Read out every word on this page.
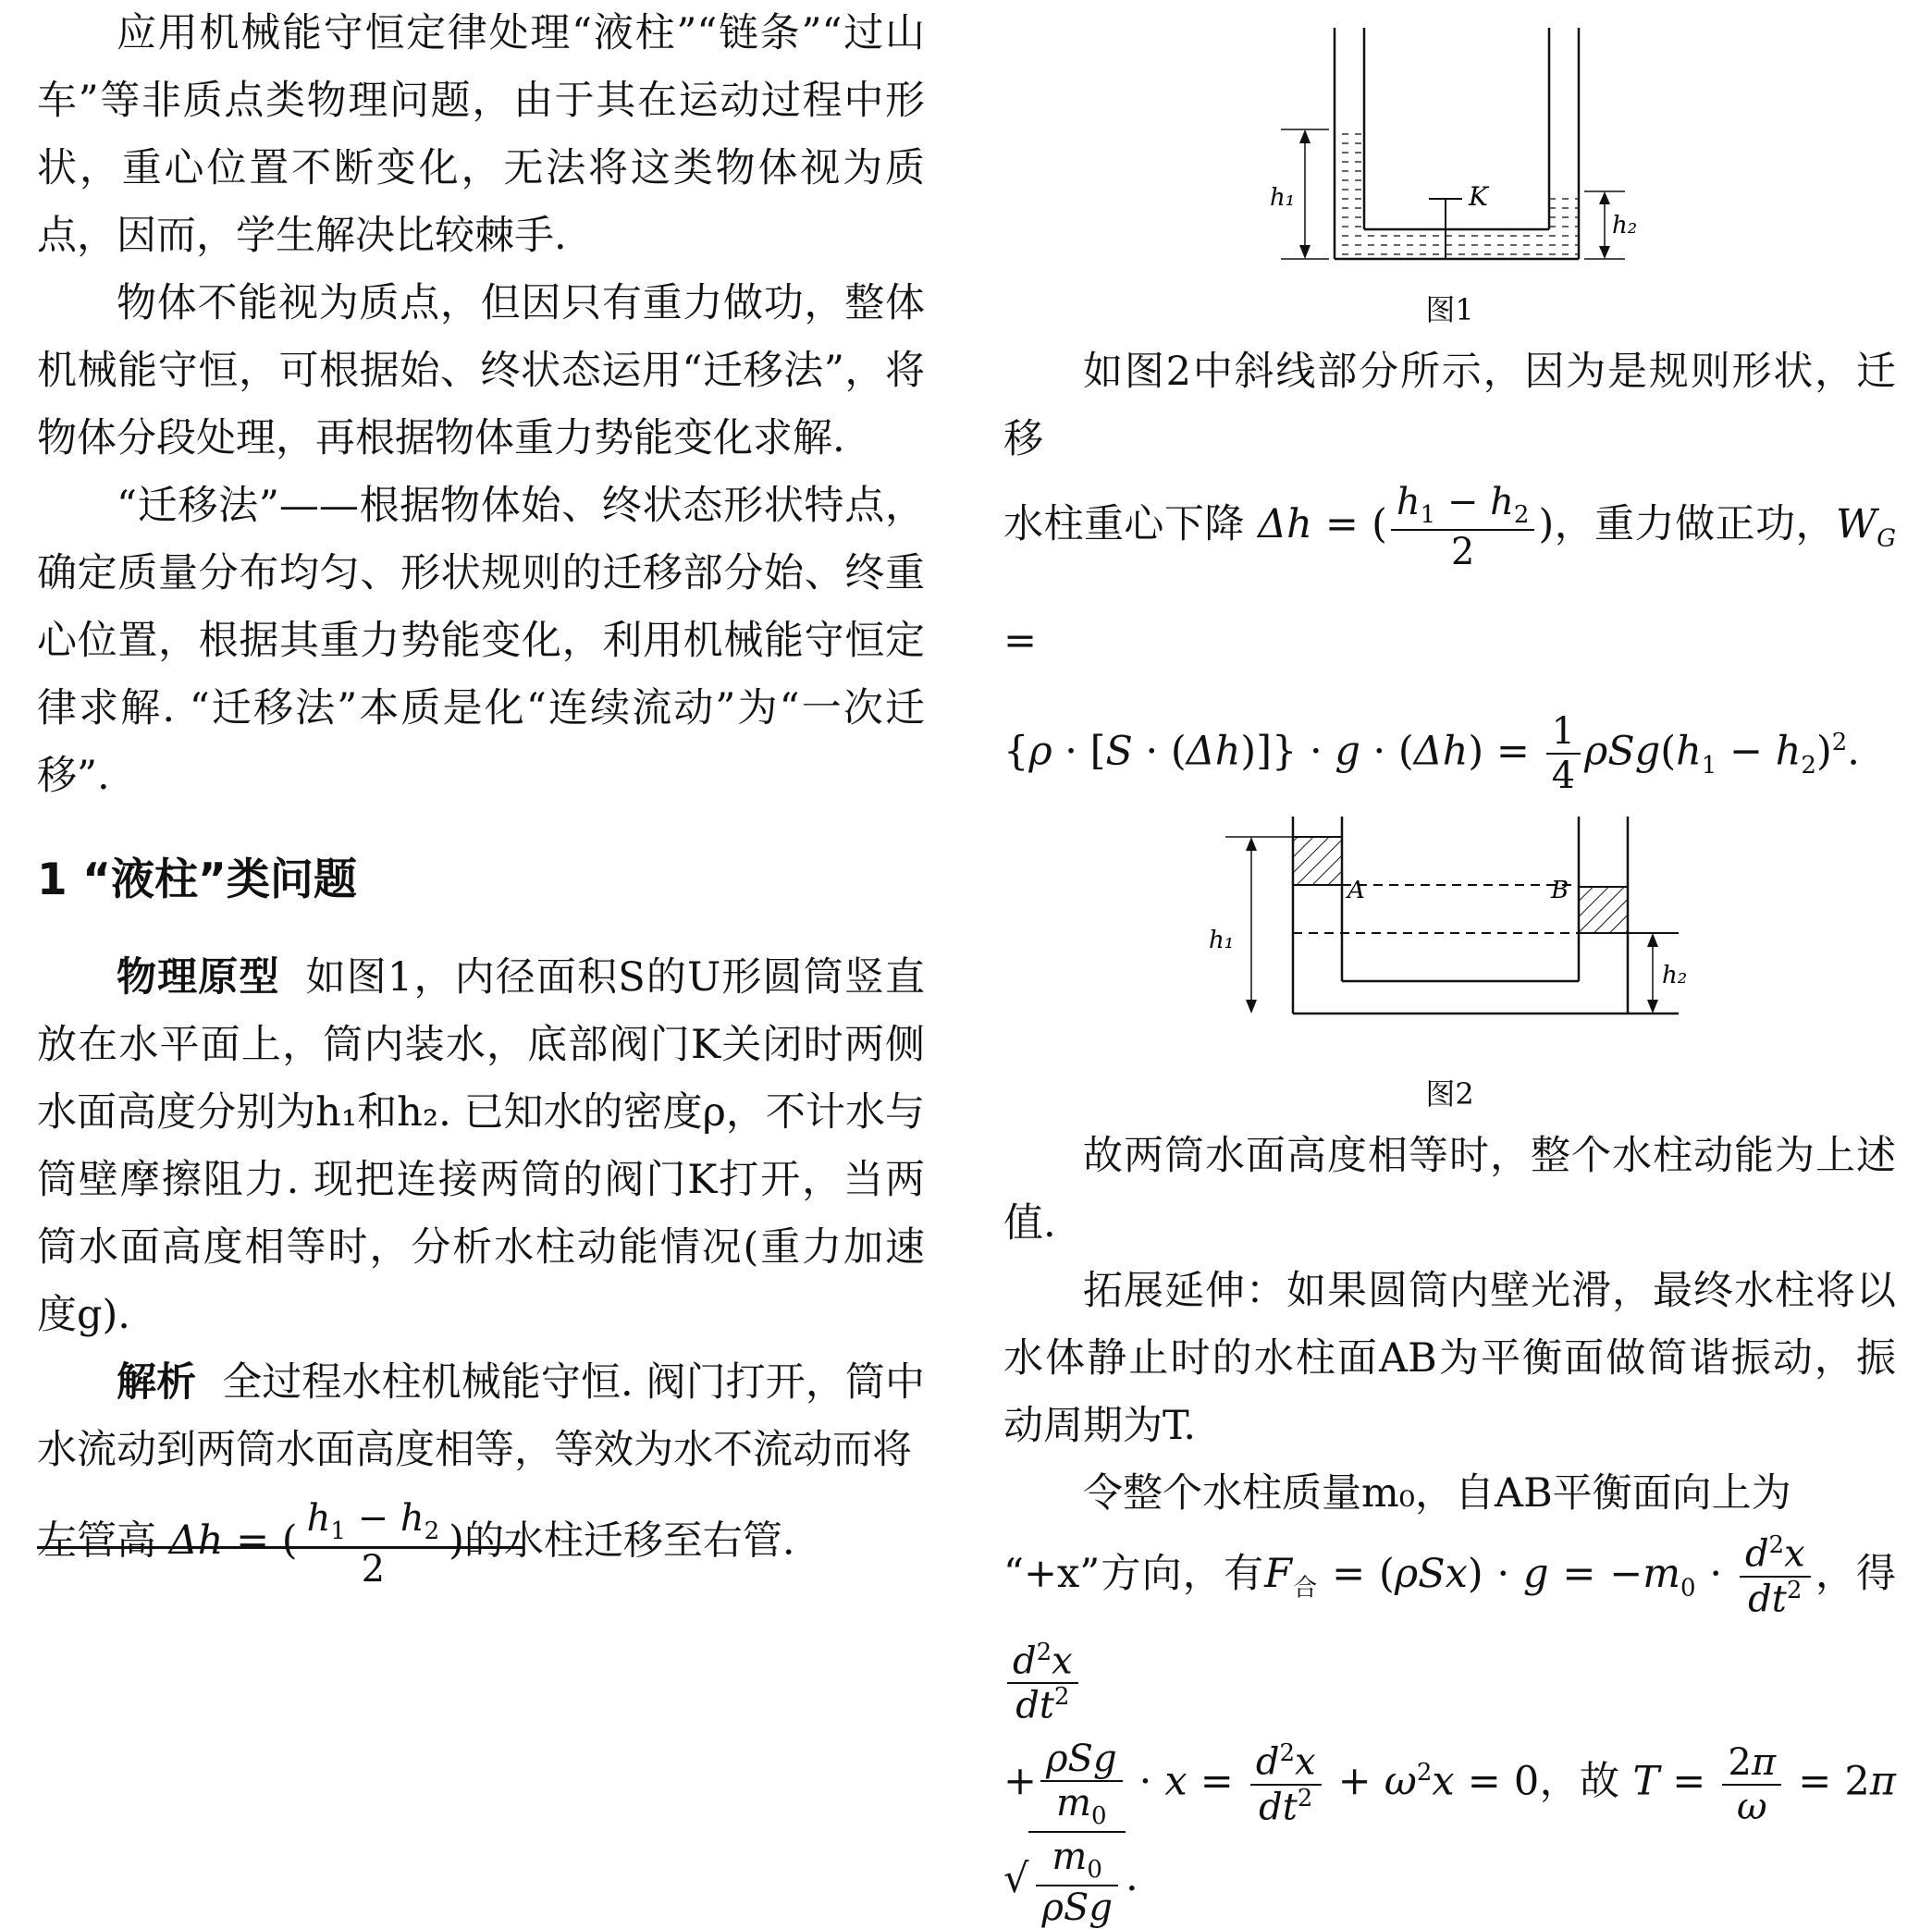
应用机械能守恒定律处理“液柱”“链条”“过山车”等非质点类物理问题，由于其在运动过程中形状，重心位置不断变化，无法将这类物体视为质点，因而，学生解决比较棘手.

物体不能视为质点，但因只有重力做功，整体机械能守恒，可根据始、终状态运用“迁移法”，将物体分段处理，再根据物体重力势能变化求解.

“迁移法”——根据物体始、终状态形状特点，确定质量分布均匀、形状规则的迁移部分始、终重心位置，根据其重力势能变化，利用机械能守恒定律求解. “迁移法”本质是化“连续流动”为“一次迁移”.

1 “液柱”类问题

物理原型 如图1，内径面积S的U形圆筒竖直放在水平面上，筒内装水，底部阀门K关闭时两侧水面高度分别为h₁和h₂. 已知水的密度ρ，不计水与筒壁摩擦阻力. 现把连接两筒的阀门K打开，当两筒水面高度相等时，分析水柱动能情况(重力加速度g).

解析 全过程水柱机械能守恒. 阀门打开，筒中水流动到两筒水面高度相等，等效为水不流动而将

左管高 Δh = ( $\frac{h_1 - h_2}{2}$ )的水柱迁移至右管.

K
h₁
h₂
图1

如图2中斜线部分所示，因为是规则形状，迁移

水柱重心下降 Δh = ( $\frac{h_1 - h_2}{2}$ )，重力做正功，$W_G$ =

$\{\rho \cdot [S \cdot (\Delta h)]\} \cdot g \cdot (\Delta h) = \frac{1}{4} \rho Sg(h_1 - h_2)^2$.

A	B
h₁
h₂
图2

故两筒水面高度相等时，整个水柱动能为上述值.

拓展延伸：如果圆筒内壁光滑，最终水柱将以水体静止时的水柱面AB为平衡面做简谐振动，振动周期为T.

令整个水柱质量m₀，自AB平衡面向上为

“+x”方向，有$F_合 = (\rho Sx) \cdot g = -m_0 \cdot \frac{d^2x}{dt^2}$ ，得
$\frac{d^2x}{dt^2}$

+ $\frac{\text{ρSg}}{m_0} \cdot x = \frac{d^2x}{dt^2} + \omega^2x = 0$，故 $T = \frac{2\pi}{\omega} = 2\pi$ √ $\frac{m_0}{\text{ρSg}}$ .
